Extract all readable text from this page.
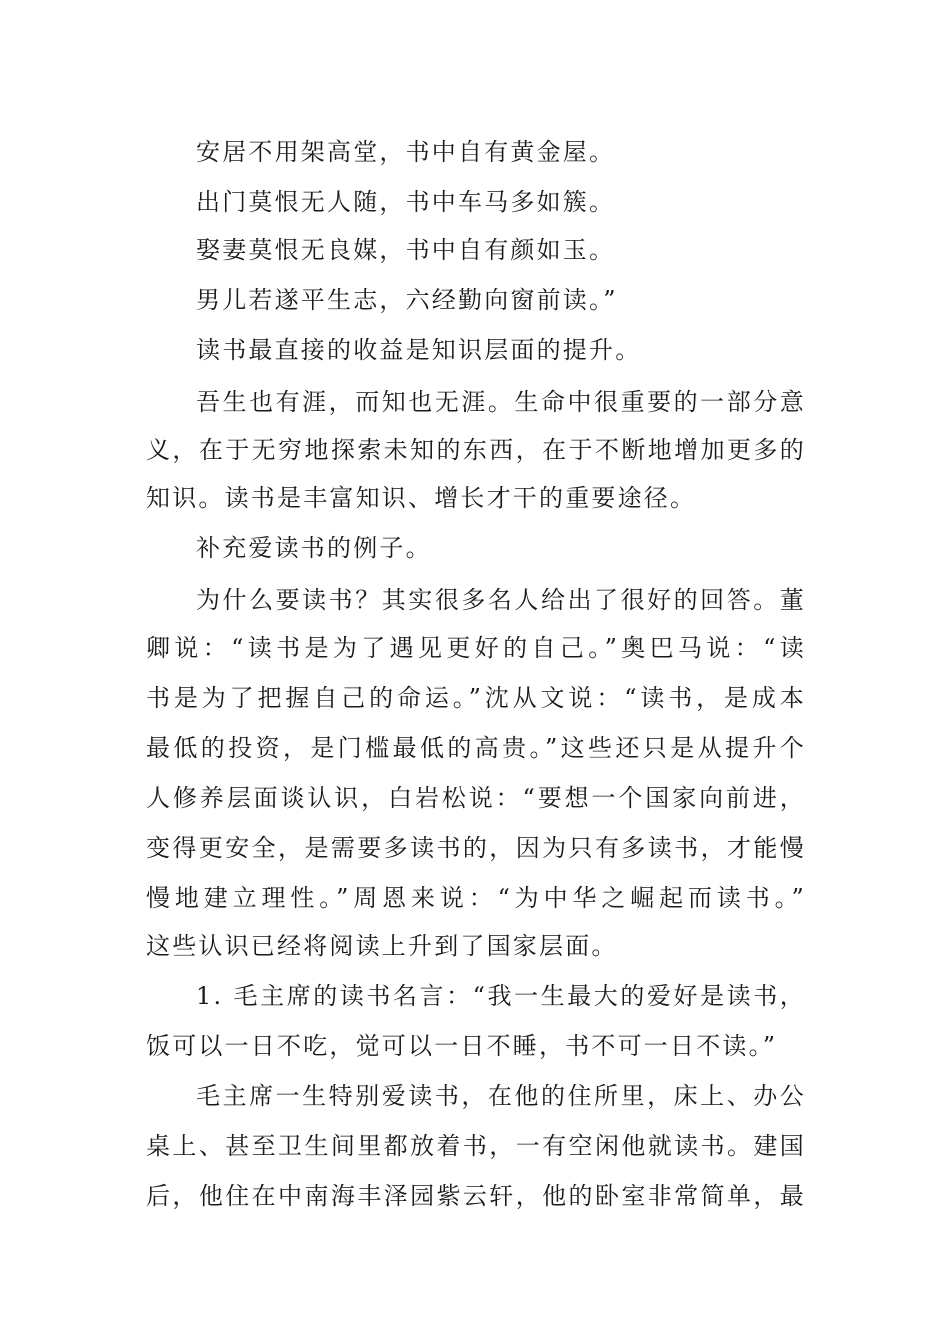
安居不用架高堂，书中自有黄金屋。
出门莫恨无人随，书中车马多如簇。
娶妻莫恨无良媒，书中自有颜如玉。
男儿若遂平生志，六经勤向窗前读。”
读书最直接的收益是知识层面的提升。
吾生也有涯，而知也无涯。生命中很重要的一部分意
义，在于无穷地探索未知的东西，在于不断地增加更多的
知识。读书是丰富知识、增长才干的重要途径。
补充爱读书的例子。
为什么要读书？其实很多名人给出了很好的回答。董
卿说：“读书是为了遇见更好的自己。”奥巴马说：“读
书是为了把握自己的命运。”沈从文说：“读书，是成本
最低的投资，是门槛最低的高贵。”这些还只是从提升个
人修养层面谈认识，白岩松说：“要想一个国家向前进，
变得更安全，是需要多读书的，因为只有多读书，才能慢
慢地建立理性。”周恩来说：“为中华之崛起而读书。”
这些认识已经将阅读上升到了国家层面。
1. 毛主席的读书名言：“我一生最大的爱好是读书，
饭可以一日不吃，觉可以一日不睡，书不可一日不读。”
毛主席一生特别爱读书，在他的住所里，床上、办公
桌上、甚至卫生间里都放着书，一有空闲他就读书。建国
后，他住在中南海丰泽园紫云轩，他的卧室非常简单，最
